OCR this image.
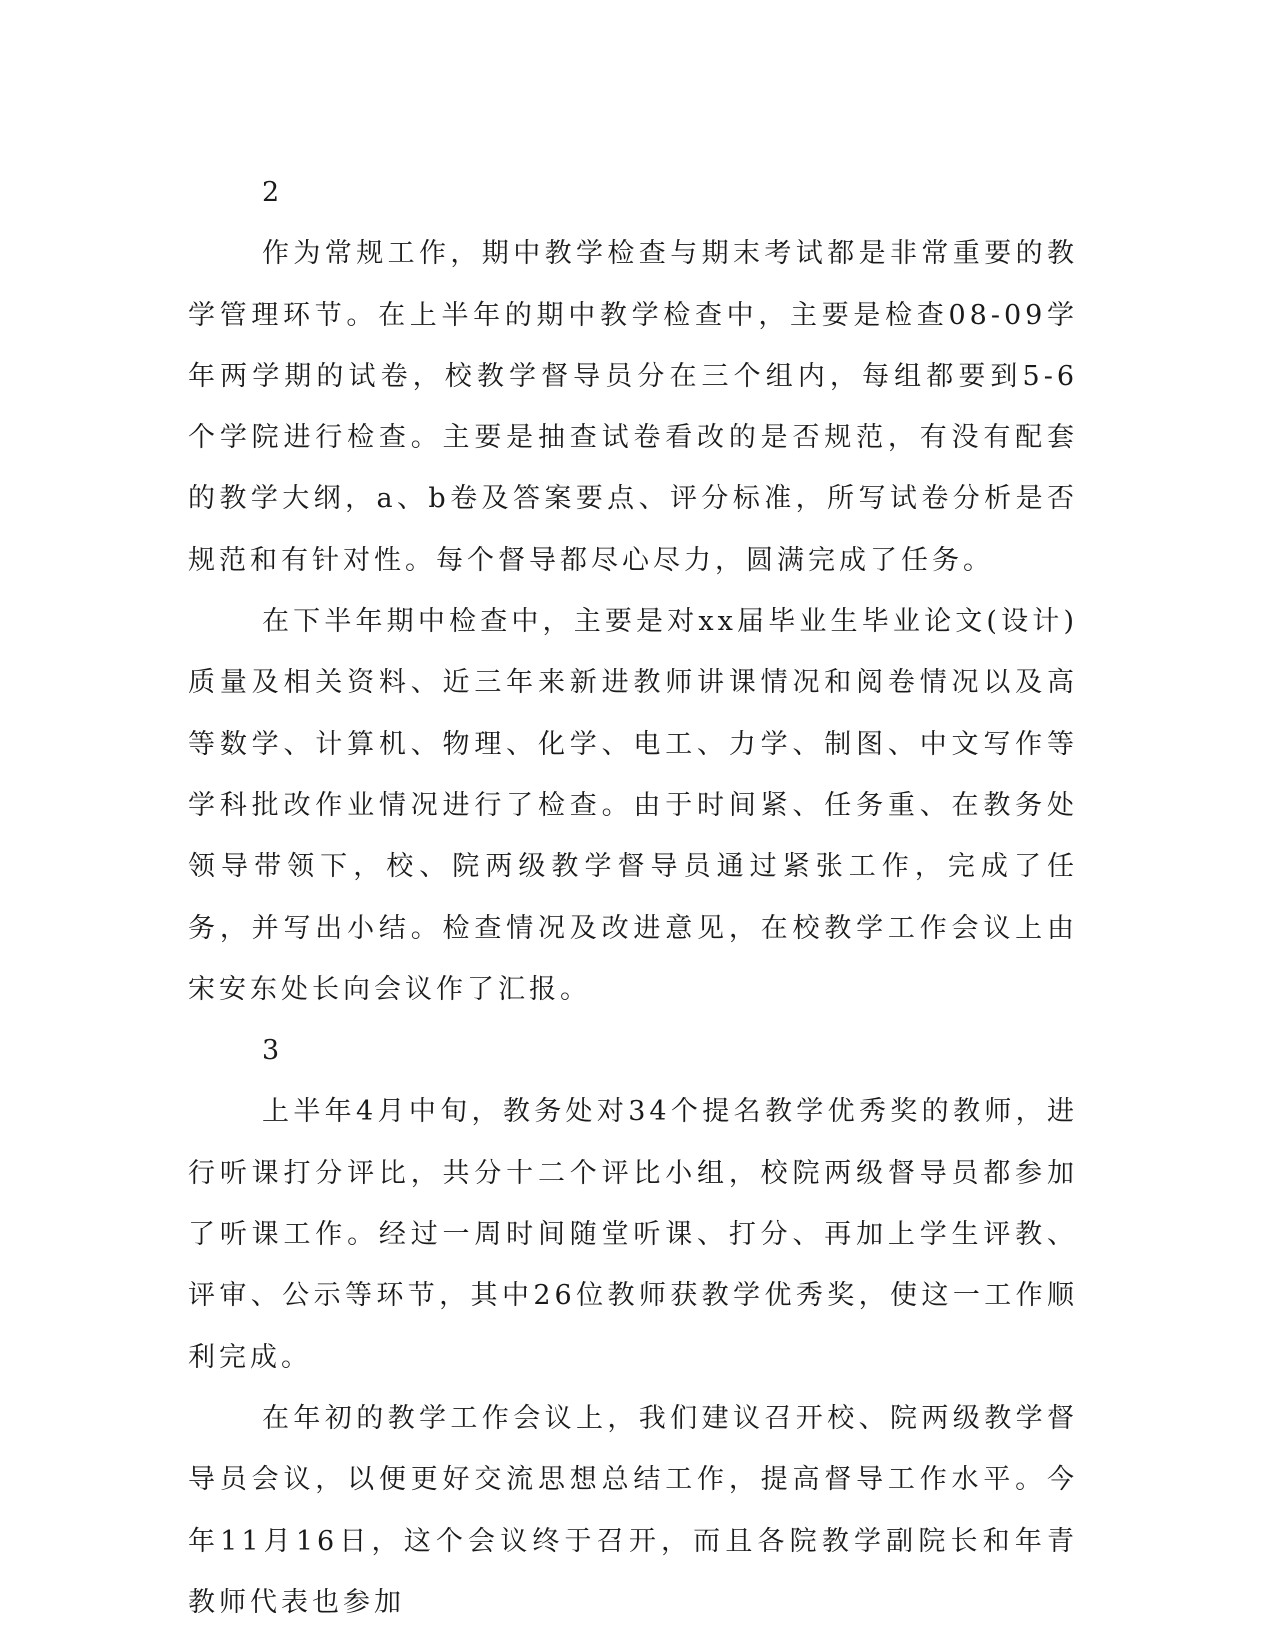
2

作为常规工作，期中教学检查与期末考试都是非常重要的教学管理环节。在上半年的期中教学检查中，主要是检查08-09学年两学期的试卷，校教学督导员分在三个组内，每组都要到5-6个学院进行检查。主要是抽查试卷看改的是否规范，有没有配套的教学大纲，a、b卷及答案要点、评分标准，所写试卷分析是否规范和有针对性。每个督导都尽心尽力，圆满完成了任务。

在下半年期中检查中，主要是对xx届毕业生毕业论文(设计)质量及相关资料、近三年来新进教师讲课情况和阅卷情况以及高等数学、计算机、物理、化学、电工、力学、制图、中文写作等学科批改作业情况进行了检查。由于时间紧、任务重、在教务处领导带领下，校、院两级教学督导员通过紧张工作，完成了任务，并写出小结。检查情况及改进意见，在校教学工作会议上由宋安东处长向会议作了汇报。

3

上半年4月中旬，教务处对34个提名教学优秀奖的教师，进行听课打分评比，共分十二个评比小组，校院两级督导员都参加了听课工作。经过一周时间随堂听课、打分、再加上学生评教、评审、公示等环节，其中26位教师获教学优秀奖，使这一工作顺利完成。

在年初的教学工作会议上，我们建议召开校、院两级教学督导员会议，以便更好交流思想总结工作，提高督导工作水平。今年11月16日，这个会议终于召开，而且各院教学副院长和年青教师代表也参加
